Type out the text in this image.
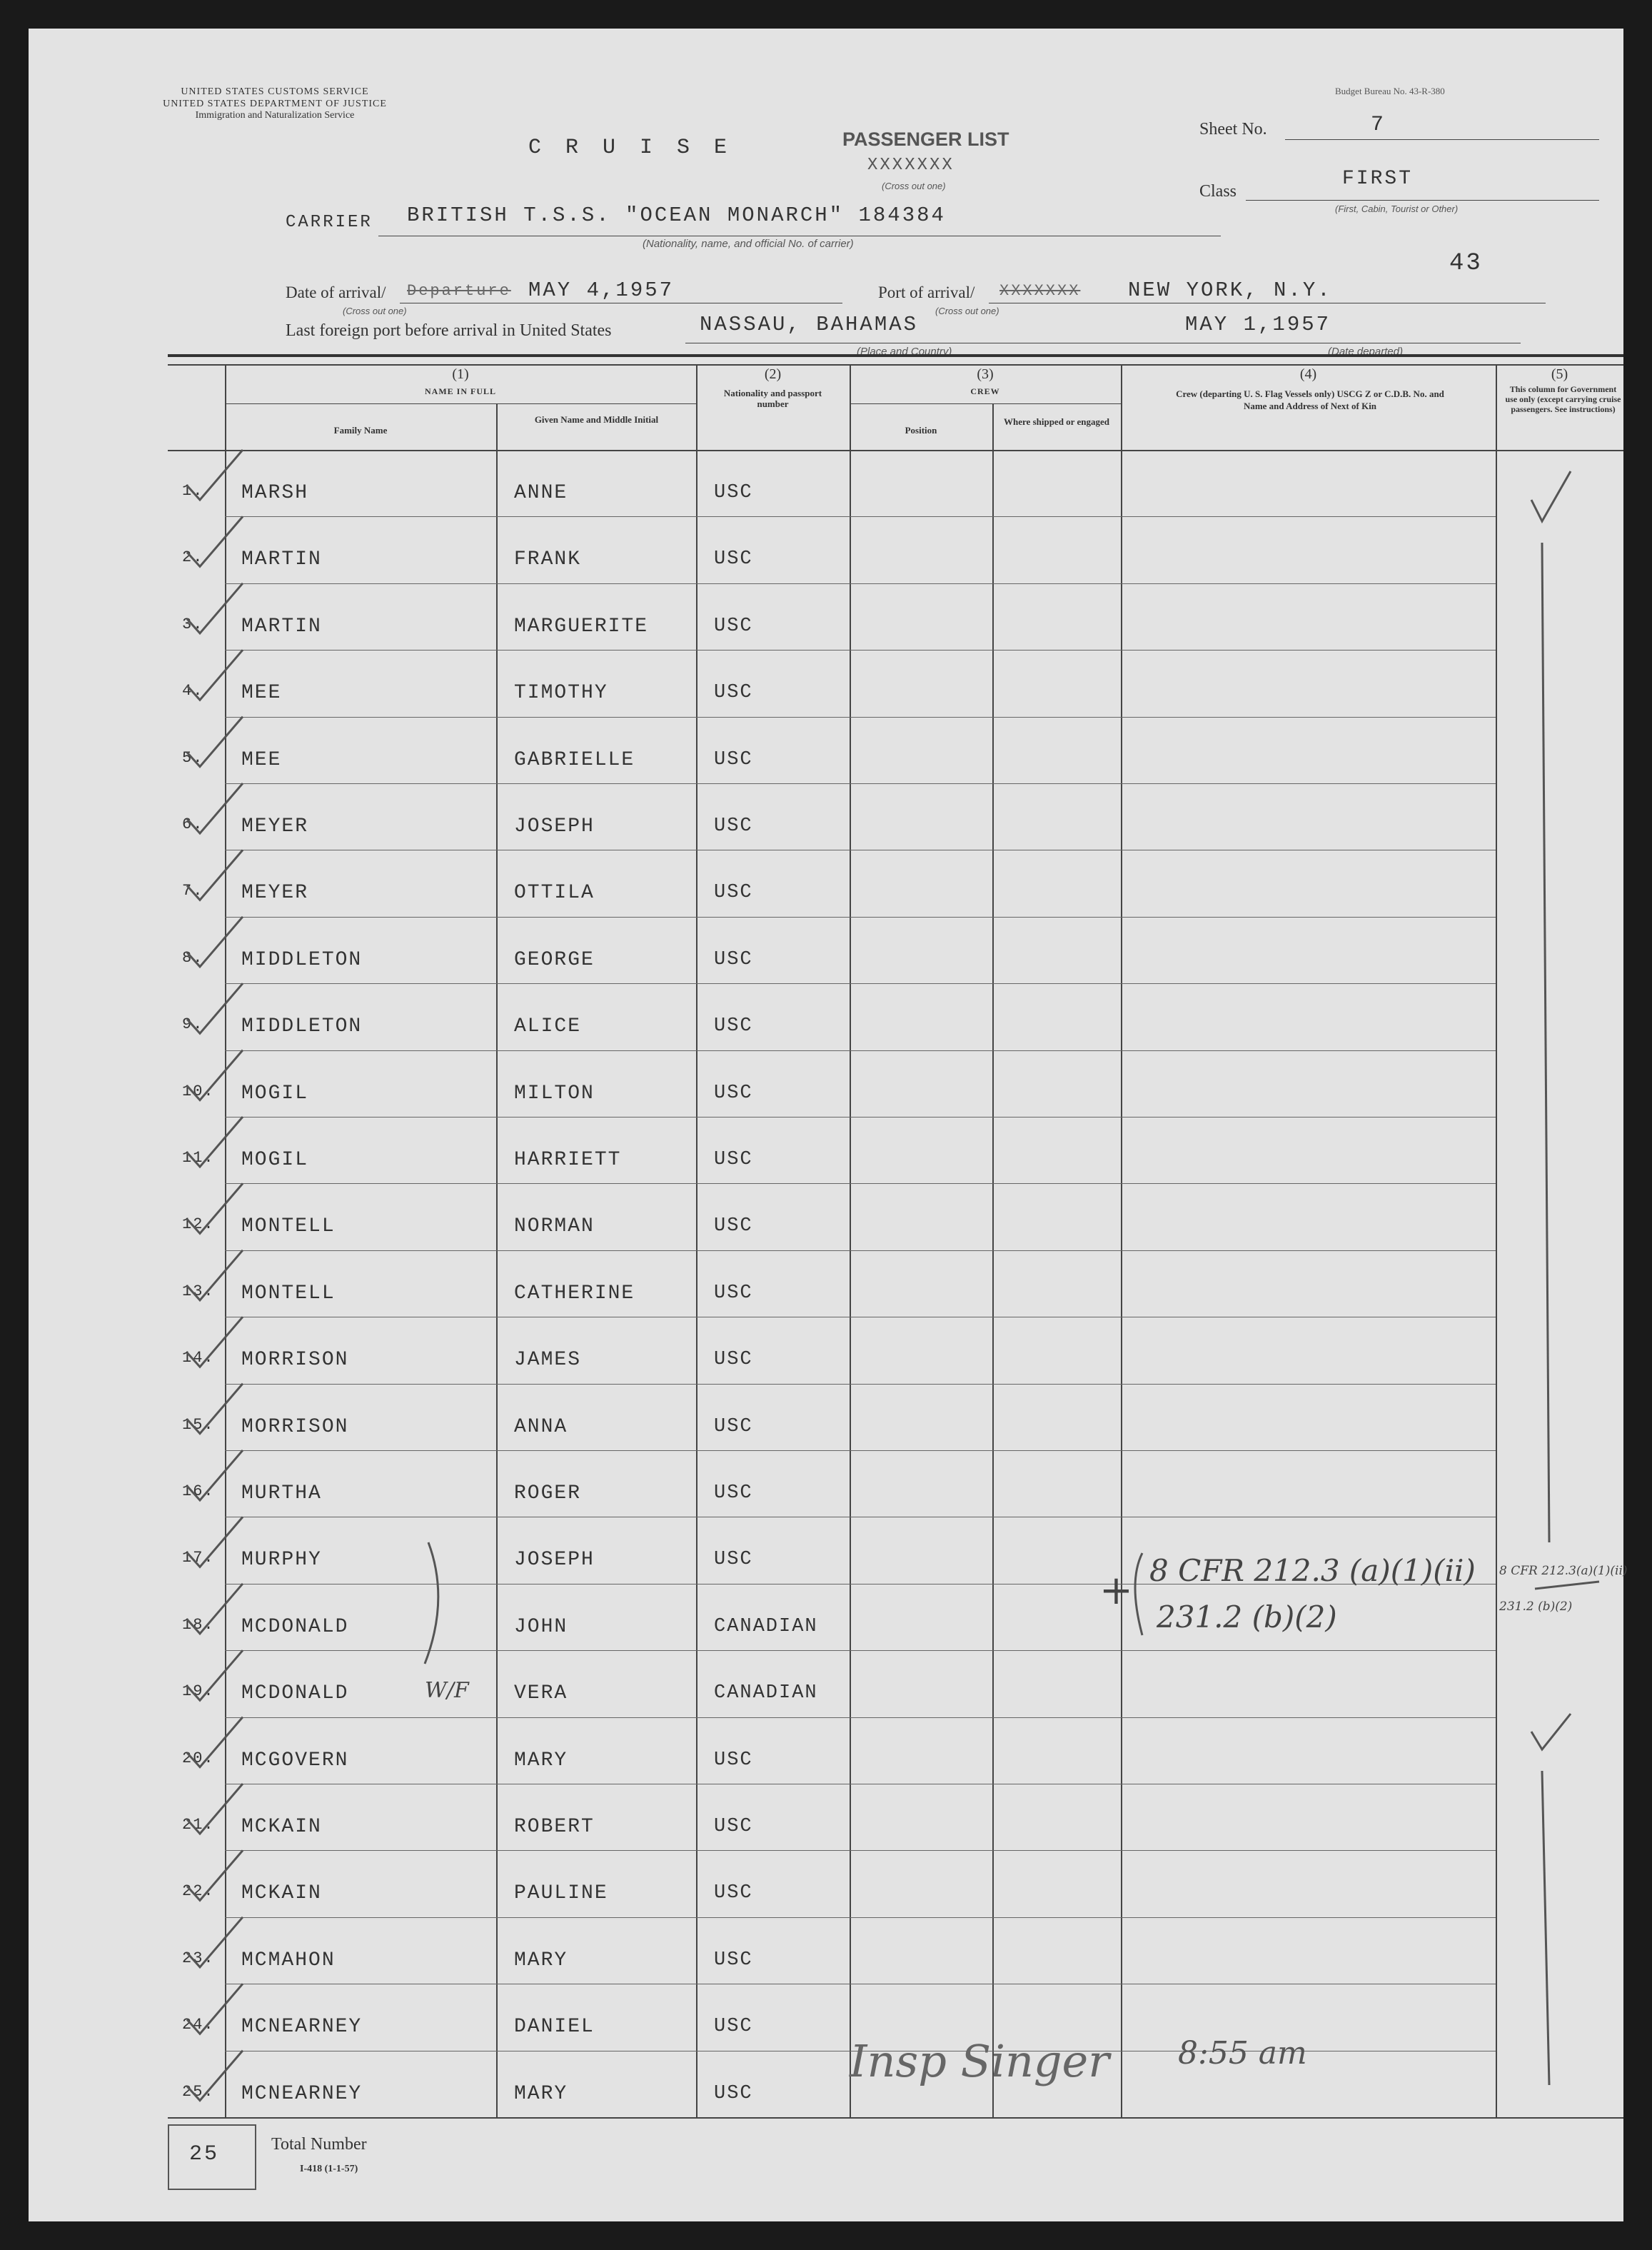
UNITED STATES CUSTOMS SERVICE
UNITED STATES DEPARTMENT OF JUSTICE
Immigration and Naturalization Service
Budget Bureau No. 43-R-380
C R U I S E	PASSENGER LIST
XXXXXXX
(Cross out one)
Sheet No.	7
Class
FIRST
(First, Cabin, Tourist or Other)
CARRIER BRITISH T.S.S. "OCEAN MONARCH" 184384
(Nationality, name, and official No. of carrier)
43
Date of arrival/ Departure MAY 4,1957
(Cross out one)
Port of arrival/ XXXXXXX NEW YORK, N.Y.
(Cross out one)
Last foreign port before arrival in United States	NASSAU, BAHAMAS
(Place and Country)
MAY 1,1957
(Date departed)
(1)
NAME IN FULL
Family Name
Given Name and Middle Initial
(2)
Nationality and passport number
(3)
CREW
Position
Where shipped or engaged
(4)
Crew (departing U. S. Flag Vessels only) USCG Z or C.D.B. No. and Name and Address of Next of Kin
(5)
This column for Government use only (except carrying cruise passengers. See instructions)
1. MARSH	ANNE	USC
2. MARTIN	FRANK	USC
3. MARTIN	MARGUERITE	USC
4. MEE	TIMOTHY	USC
5. MEE	GABRIELLE	USC
6. MEYER	JOSEPH	USC
7. MEYER	OTTILA	USC
8. MIDDLETON	GEORGE	USC
9. MIDDLETON	ALICE	USC
10. MOGIL	MILTON	USC
11. MOGIL	HARRIETT	USC
12. MONTELL	NORMAN	USC
13. MONTELL	CATHERINE	USC
14. MORRISON	JAMES	USC
15. MORRISON	ANNA	USC
16. MURTHA	ROGER	USC
17. MURPHY	JOSEPH	USC
18. MCDONALD	JOHN	CANADIAN
19. MCDONALD	VERA	CANADIAN
20. MCGOVERN	MARY	USC
21. MCKAIN	ROBERT	USC
22. MCKAIN	PAULINE	USC
23. MCMAHON	MARY	USC
24. MCNEARNEY	DANIEL	USC
25. MCNEARNEY	MARY	USC
+ 8 CFR 212.3 (a)(1)(ii)
231.2 (b)(2)
8 CFR 212.3(a)(1)(ii)
231.2 (b)(2)
W/F
Insp Singer 8:55 am
25	Total Number
I-418 (1-1-57)
